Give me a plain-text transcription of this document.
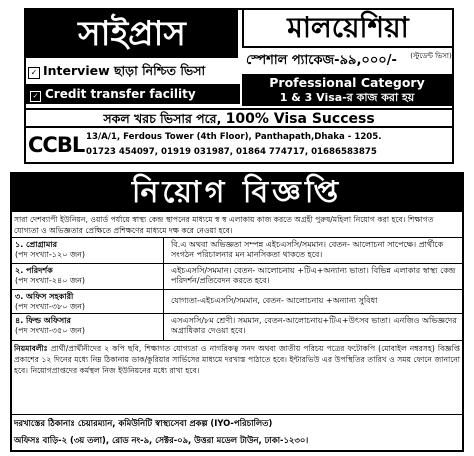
সাইপ্রাস	মালয়েশিয়া
স্পেশাল প্যাকেজ-৯৯,০০০/-	(স্টুডেন্ট ভিসা)
✓ Interview ছাড়া নিশ্চিত ভিসা
✓ Credit transfer facility
Professional Category
1 & 3 Visa-র কাজ করা হয়
সকল খরচ ভিসার পরে, 100% Visa Success
CCBL 13/A/1, Ferdous Tower (4th Floor), Panthapath,Dhaka - 1205.
01723 454097, 01919 031987, 01864 774717, 01686583875
নিয়োগ বিজ্ঞপ্তি
সারা দেশব্যাপী ইউনিয়ন, ওয়ার্ড পর্যায়ে স্বাস্থ্য কেন্দ্র স্থাপনের মাধ্যমে স্ব স্ব এলাকায় কাজ করতে অগ্রহী পুরুষ/মহিলা নিয়োগ করা হবে। শিক্ষাগত যোগ্যতা ও অভিজ্ঞতার প্রেক্ষিতে প্রশিক্ষণের মাধ্যমে দক্ষ করে নেওয়া হবে।
১. প্রোগ্রামার
(পদ সংখ্যা-১২০ জন)
বি.এ অথবা অভিজ্ঞতা সম্পন্ন এইচএসসি/সমমান। বেতন- আলোচনা সাপেক্ষে। প্রার্থীকে সংগঠন পরিচালনার মন মানসিকতা থাকতে হবে।
২. পরিদর্শক
(পদ সংখ্যা-২৪০ জন)
এইচএসসি/সমমান। বেতন- আলোচনায় +টিএ+অন্যান্য ভাতা। বিভিন্ন এলাকার স্বাস্থ্য কেন্দ্র পরিদর্শন/প্রতিবেদন করতে হবে।
৩. অফিস সহকারী
(পদ সংখ্যা-৩৮০ জন)
যোগ্যতা-এইচএসসি/সমমান, বেতন- আলোচনায় +অন্যান্য সুবিধা
৪. ফিল্ড অফিসার
(পদ সংখ্যা-৩৫০ জন)
এসএসসি/৮ম শ্রেণী। সমমান, বেতন-আলোচনায়+টিএ+উৎসব ভাতা। এনজিও অভিজ্ঞদের অগ্রাধিকার দেওয়া হবে।
নিয়মাবলীঃ প্রার্থী/প্রার্থীনীদের ২ কপি ছবি, শিক্ষাগত যোগ্যতা ও নাগরিকত্ব সনদ অথবা জাতীয় পরিচয় পত্রের ফটোকপি (মোবাইল নম্বরসহ) বিজ্ঞপ্তি প্রকাশের ১২ দিনের মধ্যে নিম্ন ঠিকানায় ডাক/কুরিয়ার সার্ভিসের মাধ্যমে দরখাস্ত পাঠাতে হবে। ইন্টারভিউ এর উপস্থিতির তারিখ ও সময় ফোনে জানানো হবে। নিয়োগপ্রাপ্তদের কর্মস্থল নিজ ইউনিয়নের মধ্যে রাখা হবে।
দরখাস্তের ঠিকানাঃ চেয়ারম্যান, কমিউনিটি স্বাস্থ্যসেবা প্রকল্প (IYO-পরিচালিত)
অফিসঃ বাড়ি-২ (৩য় তলা), রোড নং-৯, সেক্টর-০৯, উত্তরা মডেল টাউন, ঢাকা-১২৩০।
